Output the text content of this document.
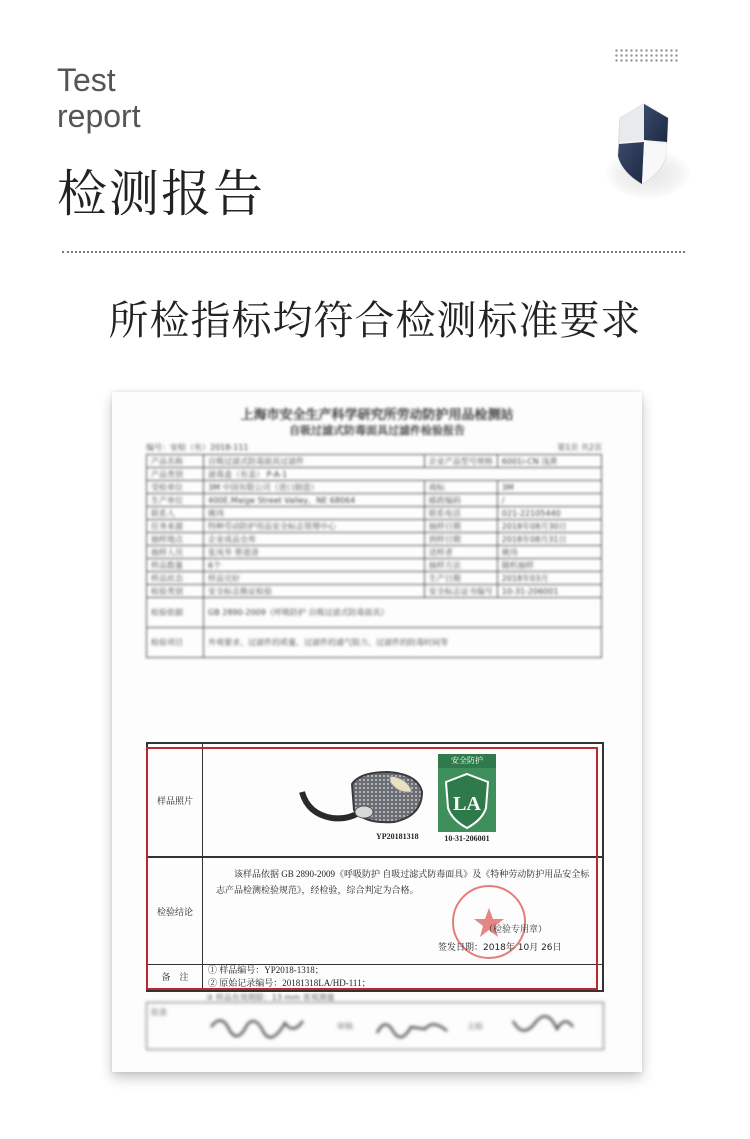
Test
report
检测报告
所检指标均符合检测标准要求
上海市安全生产科学研究所劳动防护用品检测站
自吸过滤式防毒面具过滤件检验报告
编号：安检（有）2018-111	第1页 共2页
产品名称	自吸过滤式防毒面具过滤件	企业产品型号规格	6001i-CN 浅黄
产品类别	滤毒盒（有盖） P-A-1		
受检单位	3M 中国有限公司（进口制造）	商标	3M
生产单位	400E.Maige Street Valley，NE 68064	邮政编码	/
联系人	姚玮	联系电话	021-22105440
任务来源	特种劳动防护用品安全标志管理中心	抽样日期	2018年08月30日
抽样地点	企业成品仓库	到样日期	2018年08月31日
抽样人员	张凤华 蔡道清	送样者	姚玮
样品数量	6个	抽样方法	随机抽样
样品状态	样品完好	生产日期	2018年03月
检验类别	安全标志换证检验	安全标志证书编号	10-31-206001
检验依据	GB 2890-2009《呼吸防护 自吸过滤式防毒面具》		
检验项目	外观要求、过滤件的质量、过滤件的通气阻力、过滤件的防毒时间等		
样品照片
YP20181318
安全防护
LA
10-31-206001
检验结论
该样品依据 GB 2890-2009《呼吸防护 自吸过滤式防毒面具》及《特种劳动防护用品安全标志产品检测检验规范》，经检验，综合判定为合格。
（检验专用章）
签发日期：2018年 10月 26日
备　注
① 样品编号：YP2018-1318；
② 原始记录编号：20181318LA/HD-111；
③ 样品有效期限：13 mm 客观测量
批准
审核	主检
